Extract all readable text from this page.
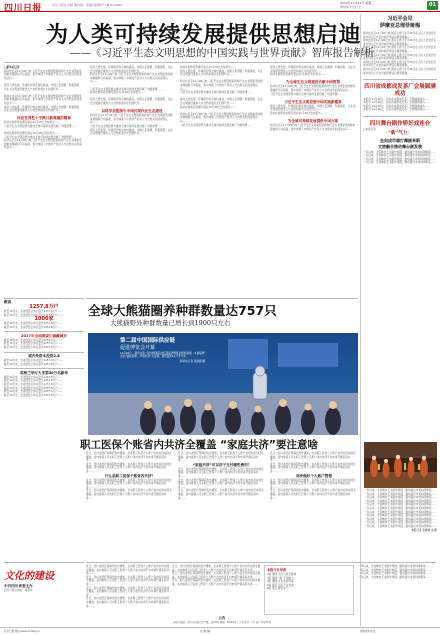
四川日报	四川日报社出版 国内统一连续出版物号 CN 51-0001	2024年11月27日 星期三
甲辰年十月廿七	01
为人类可持续发展提供思想启迪
——《习近平生态文明思想的中国实践与世界贡献》智库报告解析

□新华社记者

新华社北京11月26日电 习近平生态文明思想是新时代生态文明建设的根本遵循和行动指南，集中体现了中国共产党对人与自然关系的深刻认识……

面对人类发展、环境保护等全球性挑战，中国立足国情，积极探索，以生态文明建设推进人与自然和谐共生的现代化……

新华社北京11月26日电 习近平生态文明思想是新时代生态文明建设的根本遵循和行动指南，集中体现了中国共产党对人与自然关系的深刻认识……

面对人类发展、环境保护等全球性挑战，中国立足国情，积极探索，以生态文明建设推进人与自然和谐共生的现代化……

回应世界性十字路口新课题的精神

新华社智库报告撰写组在11月26日发布报告……

习近平生态文明思想为推动全球可持续发展贡献了中国智慧……

新华社智库报告撰写组在11月26日发布报告……

习近平生态文明思想为推动全球可持续发展贡献了中国智慧……

新华社北京11月26日电 习近平生态文明思想是新时代生态文明建设的根本遵循和行动指南，集中体现了中国共产党对人与自然关系的深刻认识……

面对人类发展、环境保护等全球性挑战，中国立足国情，积极探索，以生态文明建设推进人与自然和谐共生的现代化……

新华社北京11月26日电 习近平生态文明思想是新时代生态文明建设的根本遵循和行动指南，集中体现了中国共产党对人与自然关系的深刻认识……

习近平生态文明思想为推动全球可持续发展贡献了中国智慧……

新华社智库报告撰写组在11月26日发布报告……

面对人类发展、环境保护等全球性挑战，中国立足国情，积极探索，以生态文明建设推进人与自然和谐共生的现代化……

以科学思想指引中国式现代化生态建设

新华社北京11月26日电 习近平生态文明思想是新时代生态文明建设的根本遵循和行动指南，集中体现了中国共产党对人与自然关系的深刻认识……

习近平生态文明思想为推动全球可持续发展贡献了中国智慧……

面对人类发展、环境保护等全球性挑战，中国立足国情，积极探索，以生态文明建设推进人与自然和谐共生的现代化……

新华社智库报告撰写组在11月26日发布报告……

面对人类发展、环境保护等全球性挑战，中国立足国情，积极探索，以生态文明建设推进人与自然和谐共生的现代化……

新华社北京11月26日电 习近平生态文明思想是新时代生态文明建设的根本遵循和行动指南，集中体现了中国共产党对人与自然关系的深刻认识……

习近平生态文明思想为推动全球可持续发展贡献了中国智慧……

面对人类发展、环境保护等全球性挑战，中国立足国情，积极探索，以生态文明建设推进人与自然和谐共生的现代化……

新华社智库报告撰写组在11月26日发布报告……

新华社北京11月26日电 习近平生态文明思想是新时代生态文明建设的根本遵循和行动指南，集中体现了中国共产党对人与自然关系的深刻认识……

习近平生态文明思想为推动全球可持续发展贡献了中国智慧……

面对人类发展、环境保护等全球性挑战，中国立足国情，积极探索，以生态文明建设推进人与自然和谐共生的现代化……

新华社智库报告撰写组在11月26日发布报告……

为全球生态文明建设贡献中国智慧

新华社北京11月26日电 习近平生态文明思想是新时代生态文明建设的根本遵循和行动指南，集中体现了中国共产党对人与自然关系的深刻认识……

习近平生态文明思想为推动全球可持续发展贡献了中国智慧……

习近平生态文明思想中国实践新篇章

面对人类发展、环境保护等全球性挑战，中国立足国情，积极探索，以生态文明建设推进人与自然和谐共生的现代化……

新华社智库报告撰写组在11月26日发布报告……

为全球可持续发展提供中国方案

新华社北京11月26日电 习近平生态文明思想是新时代生态文明建设的根本遵循和行动指南，集中体现了中国共产党对人与自然关系的深刻认识……

习近平会见
萨摩亚总理菲娅梅
新华社北京11月26日电 国家主席习近平26日在人民大会堂会见来华进行正式访问的萨摩亚总理菲娅梅……
新华社北京11月26日电 国家主席习近平26日在人民大会堂会见来华进行正式访问的萨摩亚总理菲娅梅……
新华社北京11月26日电 国家主席习近平26日在人民大会堂会见来华进行正式访问的萨摩亚总理菲娅梅……
新华社北京11月26日电 国家主席习近平26日在人民大会堂会见来华进行正式访问的萨摩亚总理菲娅梅……
新华社北京11月26日电 国家主席习近平26日在人民大会堂会见来华进行正式访问的萨摩亚总理菲娅梅……
新华社北京11月26日电 国家主席习近平26日在人民大会堂会见来华进行正式访问的萨摩亚总理菲娅梅……
四川省成都成发茶厂会展圆满成功
本报讯 11月26日，四川省成都成发茶厂会展圆满成功……
本报讯 11月26日，四川省成都成发茶厂会展圆满成功……
本报讯 11月26日，四川省成都成发茶厂会展圆满成功……
本报讯 11月26日，四川省成都成发茶厂会展圆满成功……
四川舞台剧作矫好戏连台
□本报记者
“新”气力：
坐向成市器打舞剧来新
文旅融合推动舞台剧发展
一年以来，全省舞台艺术新作频现，剧场演出市场持续繁荣……
一年以来，全省舞台艺术新作频现，剧场演出市场持续繁荣……
一年以来，全省舞台艺术新作频现，剧场演出市场持续繁荣……
一年以来，全省舞台艺术新作频现，剧场演出市场持续繁荣……
一年以来，全省舞台艺术新作频现，剧场演出市场持续繁荣……
一年以来，全省舞台艺术新作频现，剧场演出市场持续繁荣……
一年以来，全省舞台艺术新作频现，剧场演出市场持续繁荣……
一年以来，全省舞台艺术新作频现，剧场演出市场持续繁荣……
一年以来，全省舞台艺术新作频现，剧场演出市场持续繁荣……
一年以来，全省舞台艺术新作频现，剧场演出市场持续繁荣……
一年以来，全省舞台艺术新作频现，剧场演出市场持续繁荣……
一年以来，全省舞台艺术新作频现，剧场演出市场持续繁荣……
一年以来，全省舞台艺术新作频现，剧场演出市场持续繁荣……
一年以来，全省舞台艺术新作频现，剧场演出市场持续繁荣……
一年以来，全省舞台艺术新作频现，剧场演出市场持续繁荣……
本报记者 张晓婷 文/图
数读
1257.8万户
截至10月末，全省经营主体总量达1257.8万户……
截至10月末，全省经营主体总量达1257.8万户……
1000家
截至10月末，全省经营主体总量达1257.8万户……
截至10月末，全省经营主体总量达1257.8万户……
2027年全面探索川渝藏城乡
截至10月末，全省经营主体总量达1257.8万户……
截至10月末，全省经营主体总量达1257.8万户……
截至10月末，全省经营主体总量达1257.8万户……
境内外资本投资2.8
截至10月末，全省经营主体总量达1257.8万户……
截至10月末，全省经营主体总量达1257.8万户……
英格兰举行大学第30万名新华
截至10月末，全省经营主体总量达1257.8万户……
截至10月末，全省经营主体总量达1257.8万户……
截至10月末，全省经营主体总量达1257.8万户……
截至10月末，全省经营主体总量达1257.8万户……
截至10月末，全省经营主体总量达1257.8万户……
截至10月末，全省经营主体总量达1257.8万户……
全球大熊猫圈养种群数量达757只
大熊猫野外种群数量已增长到1900只左右
第二届中国国际供应链
促进博览会开幕
11月26日，观众在第二届中国国际供应链促进博览会现场参观。本届链博会以“链接世界，共创未来”为主题，展览面积12万平方米。
新华社记者 张晨霖 摄
职工医保个账省内共济全覆盖 “家庭共济”要注意啥

近日，四川省医疗保障局发布通知，全省职工医保个人账户省内共济实现全覆盖。省内参保人可在职工医保个人账户省内共济平台申请开通家庭共济……

近日，四川省医疗保障局发布通知，全省职工医保个人账户省内共济实现全覆盖。省内参保人可在职工医保个人账户省内共济平台申请开通家庭共济……

什么是职工医保个账省内共济？

近日，四川省医疗保障局发布通知，全省职工医保个人账户省内共济实现全覆盖。省内参保人可在职工医保个人账户省内共济平台申请开通家庭共济……

近日，四川省医疗保障局发布通知，全省职工医保个人账户省内共济实现全覆盖。省内参保人可在职工医保个人账户省内共济平台申请开通家庭共济……

近日，四川省医疗保障局发布通知，全省职工医保个人账户省内共济实现全覆盖。省内参保人可在职工医保个人账户省内共济平台申请开通家庭共济……

“家庭共济”可以用于支付哪些费用？

近日，四川省医疗保障局发布通知，全省职工医保个人账户省内共济实现全覆盖。省内参保人可在职工医保个人账户省内共济平台申请开通家庭共济……

近日，四川省医疗保障局发布通知，全省职工医保个人账户省内共济实现全覆盖。省内参保人可在职工医保个人账户省内共济平台申请开通家庭共济……

近日，四川省医疗保障局发布通知，全省职工医保个人账户省内共济实现全覆盖。省内参保人可在职工医保个人账户省内共济平台申请开通家庭共济……

近日，四川省医疗保障局发布通知，全省职工医保个人账户省内共济实现全覆盖。省内参保人可在职工医保个人账户省内共济平台申请开通家庭共济……

近日，四川省医疗保障局发布通知，全省职工医保个人账户省内共济实现全覆盖。省内参保人可在职工医保个人账户省内共济平台申请开通家庭共济……

同步做好个人账户管理

近日，四川省医疗保障局发布通知，全省职工医保个人账户省内共济实现全覆盖。省内参保人可在职工医保个人账户省内共济平台申请开通家庭共济……

近日，四川省医疗保障局发布通知，全省职工医保个人账户省内共济实现全覆盖。省内参保人可在职工医保个人账户省内共济平台申请开通家庭共济……

文化的建设
中共四川省委主办
四川日报社地址：成都市

近日，四川省医疗保障局发布通知，全省职工医保个人账户省内共济实现全覆盖。省内参保人可在职工医保个人账户省内共济平台申请开通家庭共济……

近日，四川省医疗保障局发布通知，全省职工医保个人账户省内共济实现全覆盖。省内参保人可在职工医保个人账户省内共济平台申请开通家庭共济……

近日，四川省医疗保障局发布通知，全省职工医保个人账户省内共济实现全覆盖。省内参保人可在职工医保个人账户省内共济平台申请开通家庭共济……

近日，四川省医疗保障局发布通知，全省职工医保个人账户省内共济实现全覆盖。省内参保人可在职工医保个人账户省内共济平台申请开通家庭共济……

近日，四川省医疗保障局发布通知，全省职工医保个人账户省内共济实现全覆盖。省内参保人可在职工医保个人账户省内共济平台申请开通家庭共济……

近日，四川省医疗保障局发布通知，全省职工医保个人账户省内共济实现全覆盖。省内参保人可在职工医保个人账户省内共济平台申请开通家庭共济……

近日，四川省医疗保障局发布通知，全省职工医保个人账户省内共济实现全覆盖。省内参保人可在职工医保个人账户省内共济平台申请开通家庭共济……

本报今日导读
2版 要闻 四川日报全媒体
3版 要闻 “新”手段助力
4版 要闻 优化营商环境
5版 经济 四川产业发展
6版 观点 理论学习

一年以来，全省舞台艺术新作频现，剧场演出市场持续繁荣……

一年以来，全省舞台艺术新作频现，剧场演出市场持续繁荣……

一年以来，全省舞台艺术新作频现，剧场演出市场持续繁荣……

一年以来，全省舞台艺术新作频现，剧场演出市场持续繁荣……

公告
本报社地址：四川省成都市红星路二段70号 邮编：610012 广告许可证：川工商广字第01号
四川日报网站 www.scdaily.cn	在线投稿	国际联系电话
